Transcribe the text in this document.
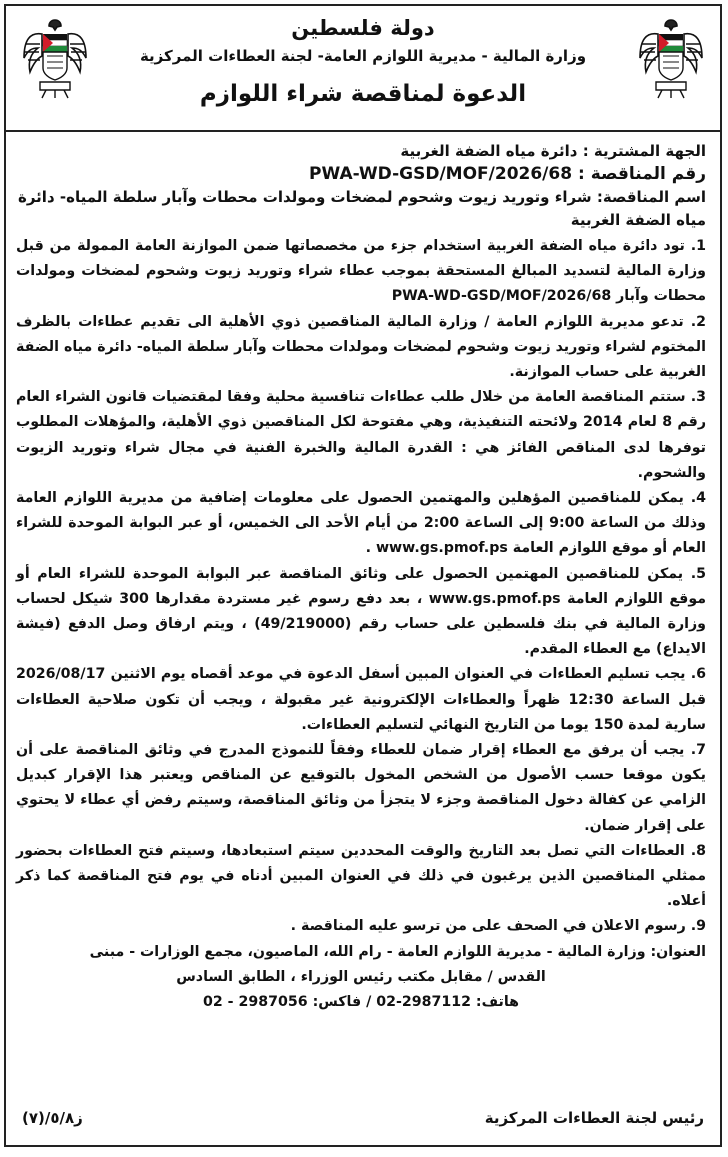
دولة فلسطين
وزارة المالية - مديرية اللوازم العامة- لجنة العطاءات المركزية
الدعوة لمناقصة شراء اللوازم

الجهة المشترية : دائرة مياه الضفة الغربية

رقم المناقصة : PWA-WD-GSD/MOF/2026/68

اسم المناقصة: شراء وتوريد زيوت وشحوم لمضخات ومولدات محطات وآبار سلطة المياه- دائرة مياه الضفة الغربية

1. تود دائرة مياه الضفة الغربية استخدام جزء من مخصصاتها ضمن الموازنة العامة الممولة من قبل وزارة المالية لتسديد المبالغ المستحقة بموجب عطاء شراء وتوريد زيوت وشحوم لمضخات ومولدات محطات وآبار PWA-WD-GSD/MOF/2026/68

2. تدعو مديرية اللوازم العامة / وزارة المالية المناقصين ذوي الأهلية الى تقديم عطاءات بالظرف المختوم لشراء وتوريد زيوت وشحوم لمضخات ومولدات محطات وآبار سلطة المياه- دائرة مياه الضفة الغربية على حساب الموازنة.

3. ستتم المناقصة العامة من خلال طلب عطاءات تنافسية محلية وفقا لمقتضيات قانون الشراء العام رقم 8 لعام 2014 ولائحته التنفيذية، وهي مفتوحة لكل المناقصين ذوي الأهلية، والمؤهلات المطلوب توفرها لدى المناقص الفائز هي : القدرة المالية والخبرة الفنية في مجال شراء وتوريد الزيوت والشحوم.

4. يمكن للمناقصين المؤهلين والمهتمين الحصول على معلومات إضافية من مديرية اللوازم العامة وذلك من الساعة 9:00 إلى الساعة 2:00 من أيام الأحد الى الخميس، أو عبر البوابة الموحدة للشراء العام أو موقع اللوازم العامة www.gs.pmof.ps .

5. يمكن للمناقصين المهتمين الحصول على وثائق المناقصة عبر البوابة الموحدة للشراء العام أو موقع اللوازم العامة www.gs.pmof.ps ، بعد دفع رسوم غير مستردة مقدارها 300 شيكل لحساب وزارة المالية في بنك فلسطين على حساب رقم (49/219000) ، ويتم ارفاق وصل الدفع (فيشة الايداع) مع العطاء المقدم.

6. يجب تسليم العطاءات في العنوان المبين أسفل الدعوة في موعد أقصاه يوم الاثنين 2026/08/17 قبل الساعة 12:30 ظهراً والعطاءات الإلكترونية غير مقبولة ، ويجب أن تكون صلاحية العطاءات سارية لمدة 150 يوما من التاريخ النهائي لتسليم العطاءات.

7. يجب أن يرفق مع العطاء إقرار ضمان للعطاء وفقاً للنموذج المدرج في وثائق المناقصة على أن يكون موقعا حسب الأصول من الشخص المخول بالتوقيع عن المناقص ويعتبر هذا الإقرار كبديل الزامي عن كفالة دخول المناقصة وجزء لا يتجزأ من وثائق المناقصة، وسيتم رفض أي عطاء لا يحتوي على إقرار ضمان.

8. العطاءات التي تصل بعد التاريخ والوقت المحددين سيتم استبعادها، وسيتم فتح العطاءات بحضور ممثلي المناقصين الذين يرغبون في ذلك في العنوان المبين أدناه في يوم فتح المناقصة كما ذكر أعلاه.

9. رسوم الاعلان في الصحف على من ترسو عليه المناقصة .

العنوان: وزارة المالية - مديرية اللوازم العامة - رام الله، الماصيون، مجمع الوزارات - مبنى

القدس / مقابل مكتب رئيس الوزراء ، الطابق السادس

هاتف: 2987112-02 / فاكس: 2987056 - 02

رئيس لجنة العطاءات المركزية
ز٥/٨/(٧)
